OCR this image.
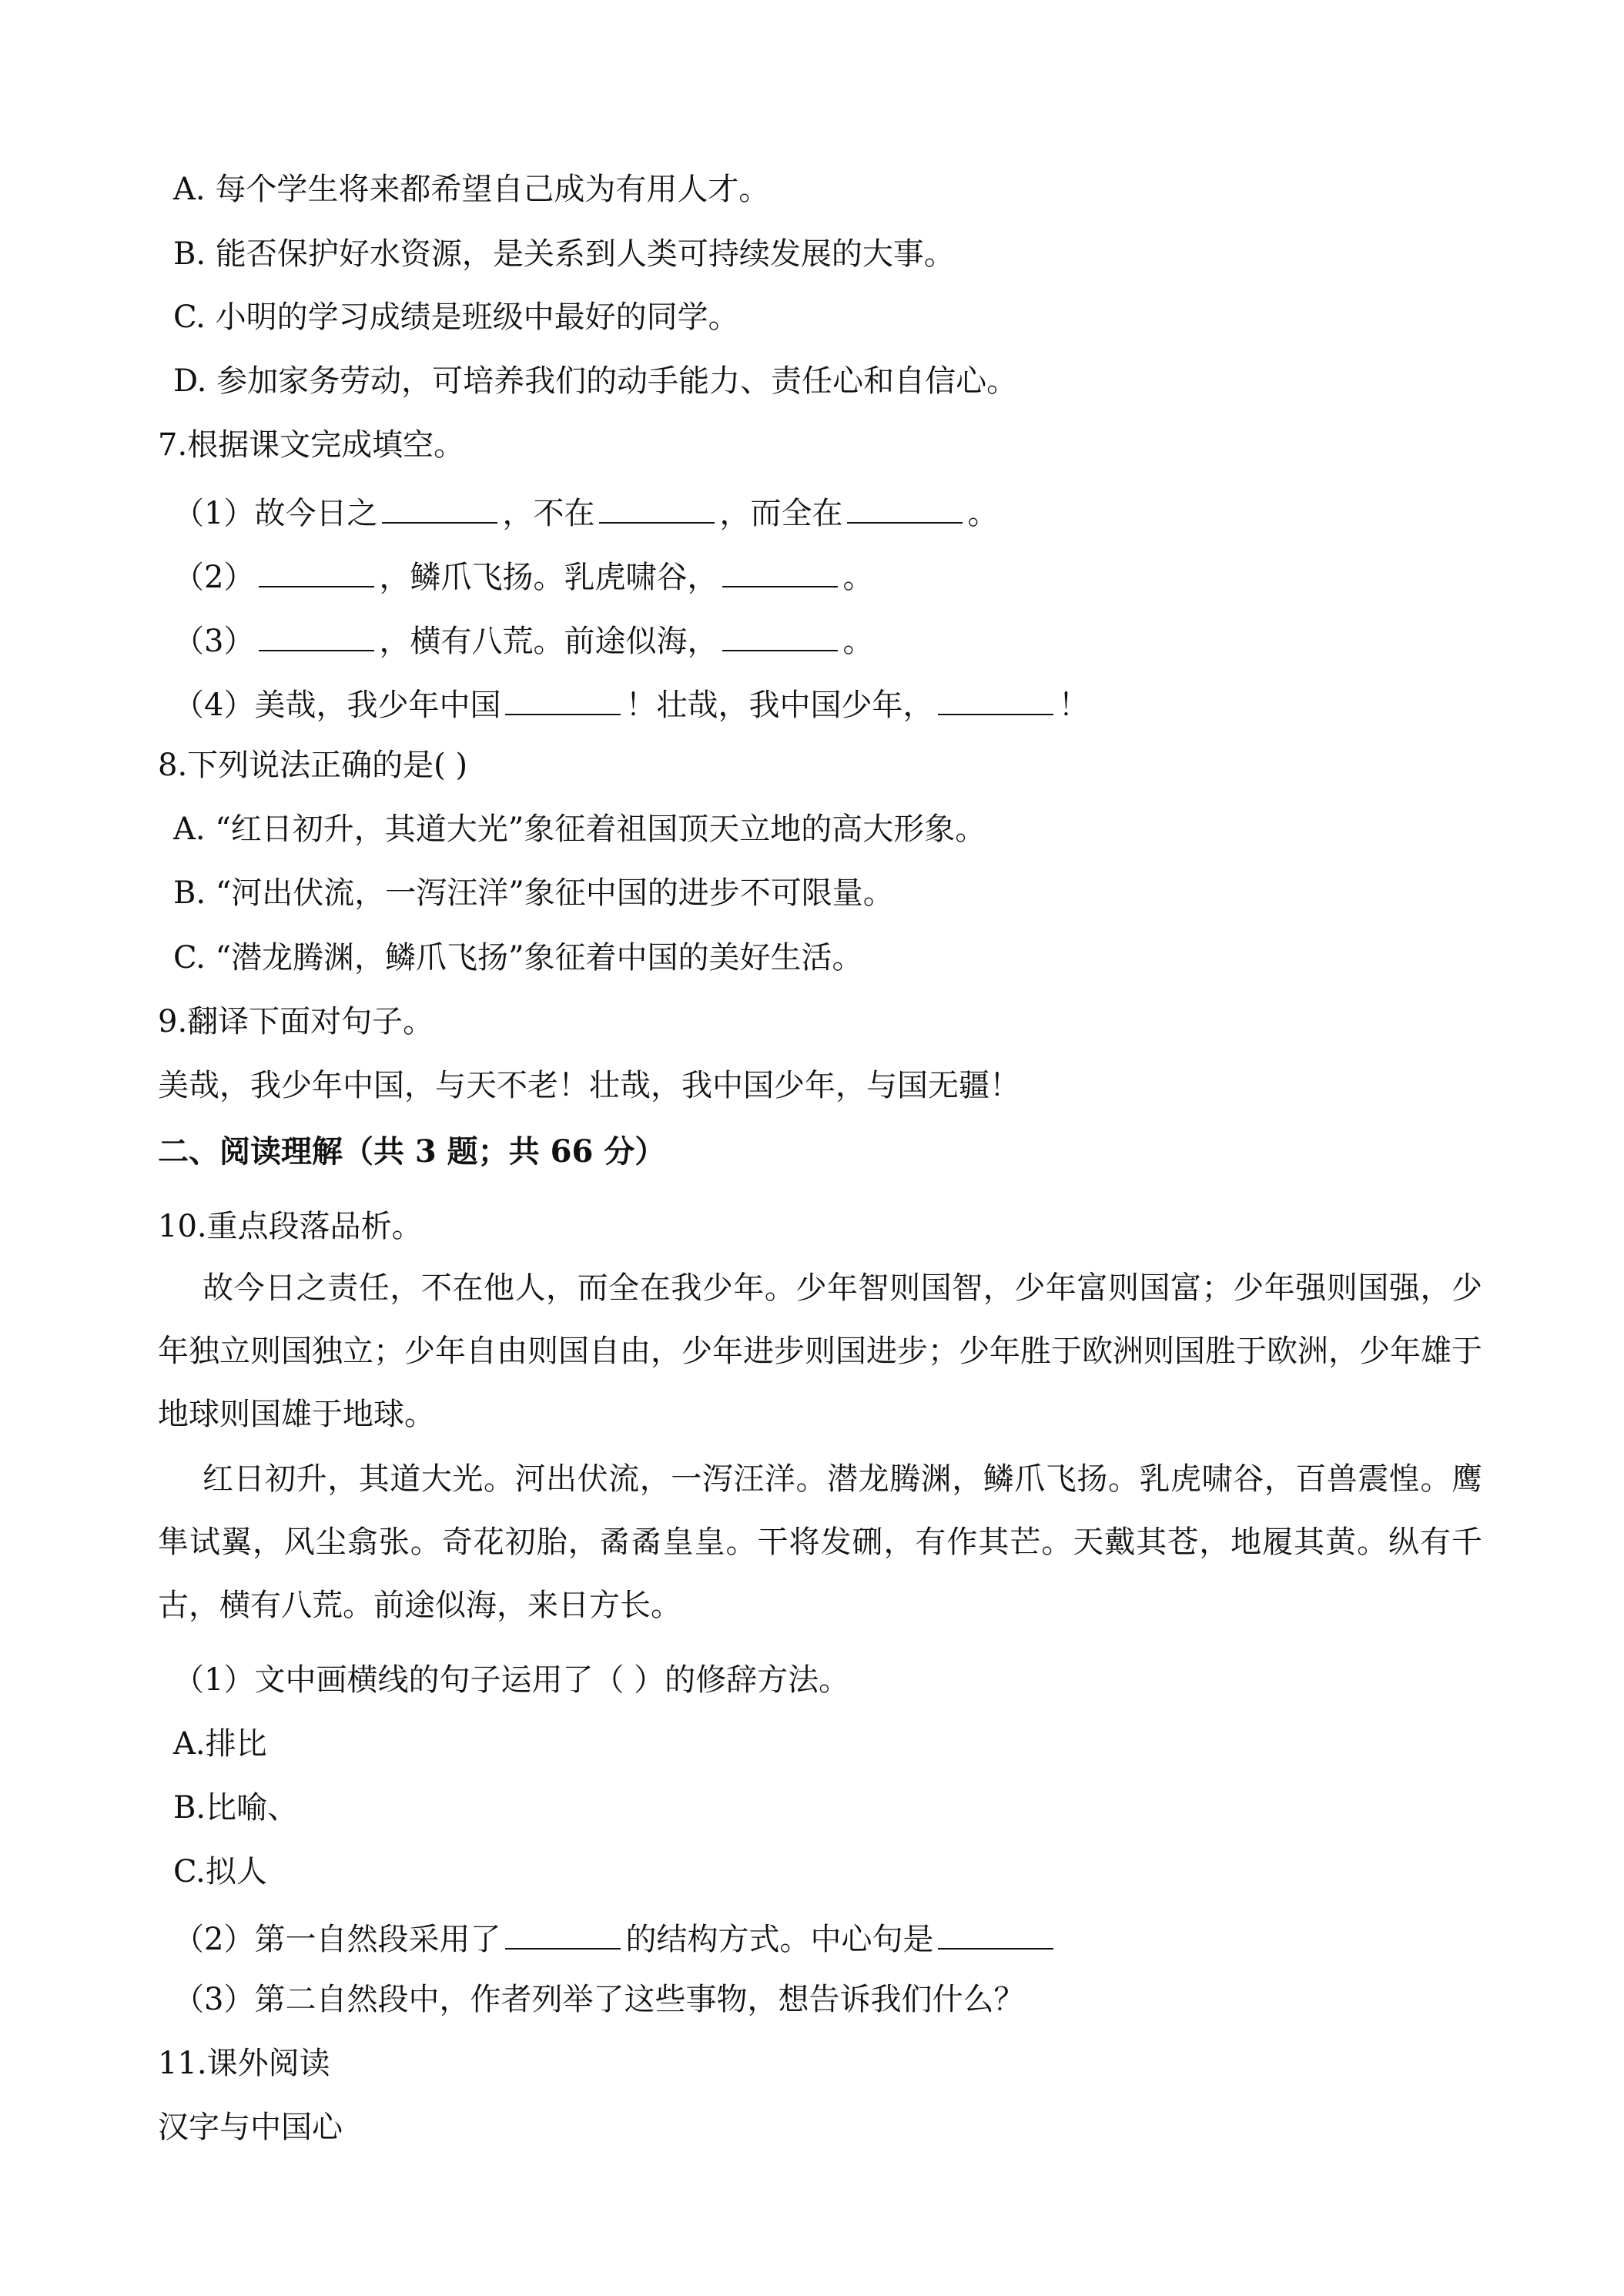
A. 每个学生将来都希望自己成为有用人才。
B. 能否保护好水资源，是关系到人类可持续发展的大事。
C. 小明的学习成绩是班级中最好的同学。
D. 参加家务劳动，可培养我们的动手能力、责任心和自信心。
7.根据课文完成填空。
（1）故今日之	，不在	，而全在	。
（2）	，鳞爪飞扬。乳虎啸谷，	。
（3）	，横有八荒。前途似海，	。
（4）美哉，我少年中国	！壮哉，我中国少年，	！
8.下列说法正确的是( )
A. “红日初升，其道大光”象征着祖国顶天立地的高大形象。
B. “河出伏流，一泻汪洋”象征中国的进步不可限量。
C. “潜龙腾渊，鳞爪飞扬”象征着中国的美好生活。
9.翻译下面对句子。
美哉，我少年中国，与天不老！壮哉，我中国少年，与国无疆！
二、阅读理解（共 3 题；共 66 分）
10.重点段落品析。
故今日之责任，不在他人，而全在我少年。少年智则国智，少年富则国富；少年强则国强，少年独立则国独立；少年自由则国自由，少年进步则国进步；少年胜于欧洲则国胜于欧洲，少年雄于地球则国雄于地球。
红日初升，其道大光。河出伏流，一泻汪洋。潜龙腾渊，鳞爪飞扬。乳虎啸谷，百兽震惶。鹰隼试翼，风尘翕张。奇花初胎，矞矞皇皇。干将发硎，有作其芒。天戴其苍，地履其黄。纵有千古，横有八荒。前途似海，来日方长。
（1）文中画横线的句子运用了（ ）的修辞方法。
A.排比
B.比喻、
C.拟人
（2）第一自然段采用了	的结构方式。中心句是
（3）第二自然段中，作者列举了这些事物，想告诉我们什么？
11.课外阅读
汉字与中国心
